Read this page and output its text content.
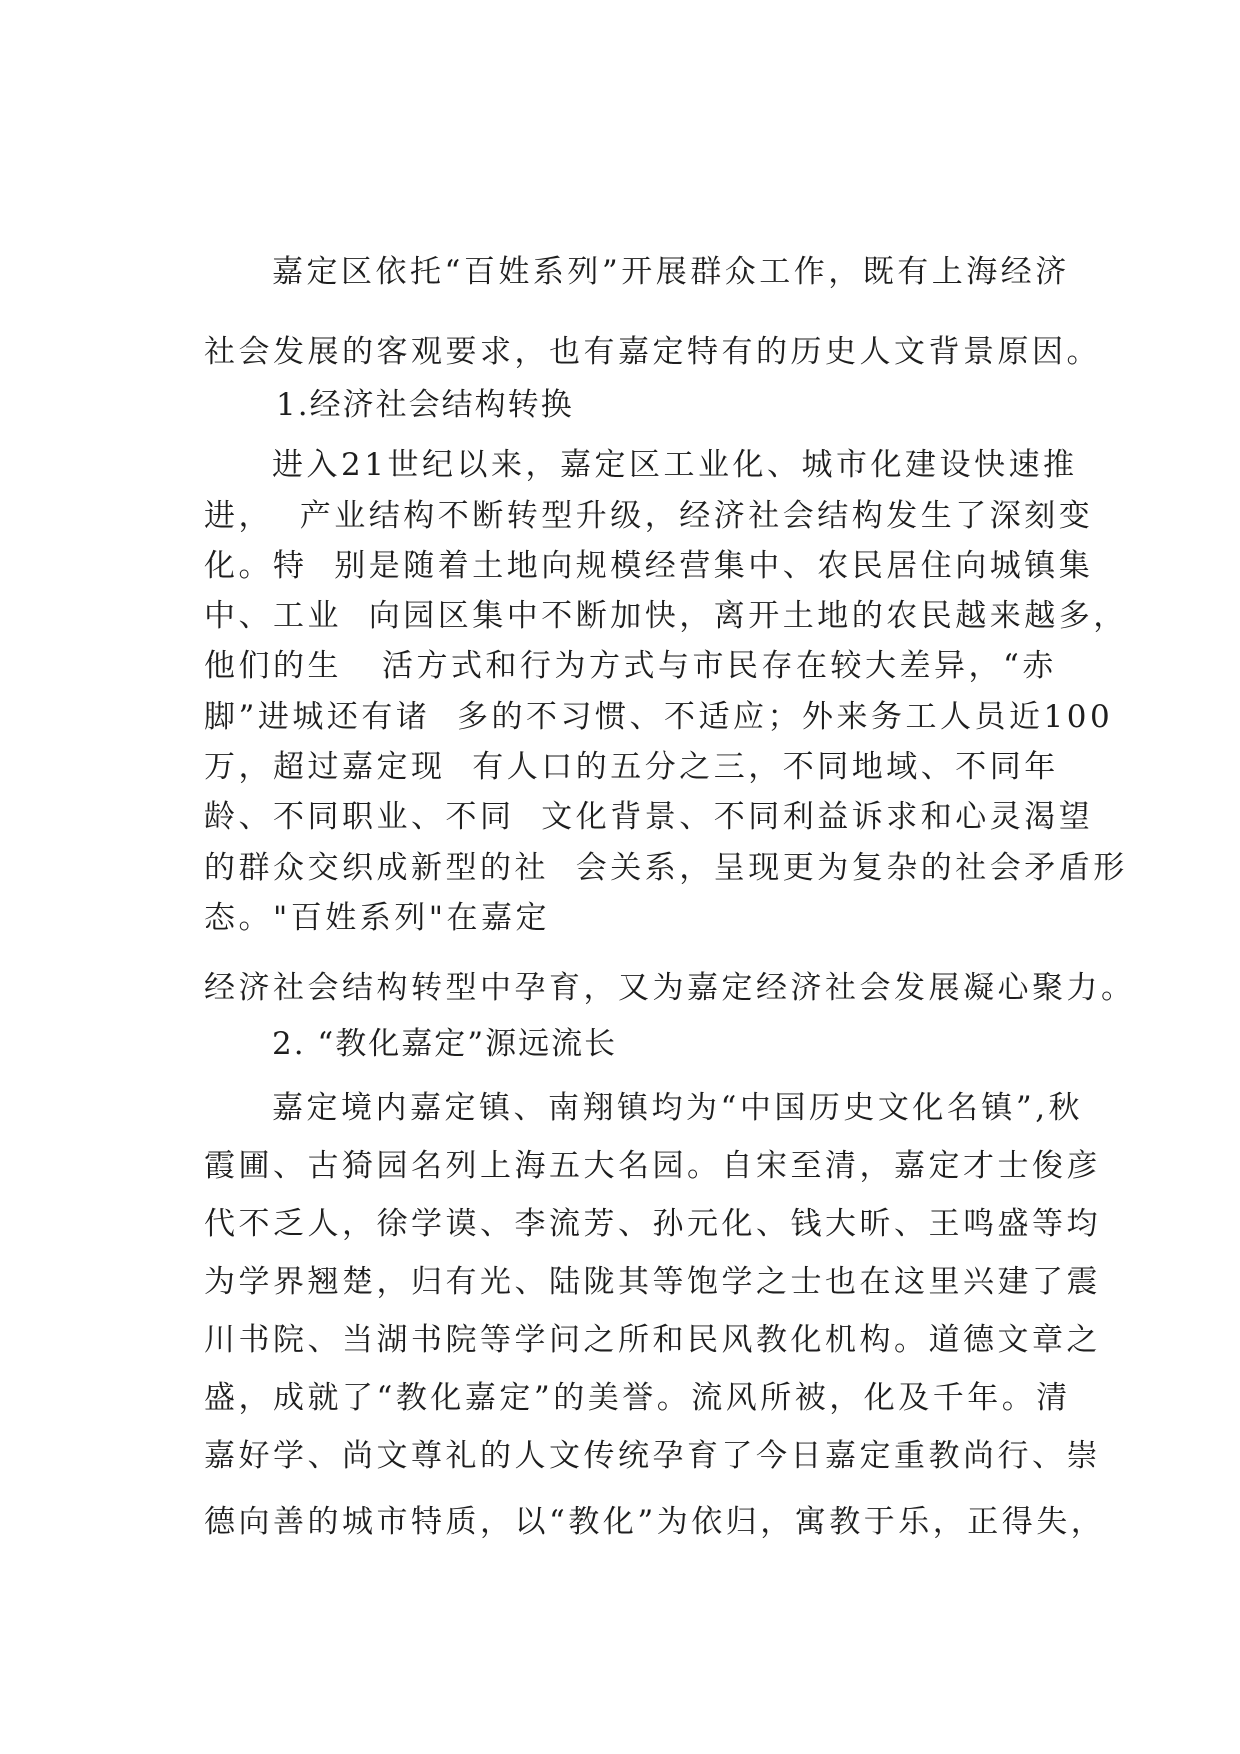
嘉定区依托“百姓系列”开展群众工作，既有上海经济
社会发展的客观要求，也有嘉定特有的历史人文背景原因。
1.经济社会结构转换
进入21世纪以来，嘉定区工业化、城市化建设快速推
进，  产业结构不断转型升级，经济社会结构发生了深刻变
化。特  别是随着土地向规模经营集中、农民居住向城镇集
中、工业  向园区集中不断加快，离开土地的农民越来越多，
他们的生   活方式和行为方式与市民存在较大差异，“赤
脚”进城还有诸  多的不习惯、不适应；外来务工人员近100
万，超过嘉定现  有人口的五分之三，不同地域、不同年
龄、不同职业、不同  文化背景、不同利益诉求和心灵渴望
的群众交织成新型的社  会关系，呈现更为复杂的社会矛盾形
态。"百姓系列"在嘉定
经济社会结构转型中孕育，又为嘉定经济社会发展凝心聚力。
2. “教化嘉定”源远流长
嘉定境内嘉定镇、南翔镇均为“中国历史文化名镇”,秋
霞圃、古猗园名列上海五大名园。自宋至清，嘉定才士俊彦
代不乏人，徐学谟、李流芳、孙元化、钱大昕、王鸣盛等均
为学界翘楚，归有光、陆陇其等饱学之士也在这里兴建了震
川书院、当湖书院等学问之所和民风教化机构。道德文章之
盛，成就了“教化嘉定”的美誉。流风所被，化及千年。清
嘉好学、尚文尊礼的人文传统孕育了今日嘉定重教尚行、崇
德向善的城市特质，以“教化”为依归，寓教于乐，正得失，
